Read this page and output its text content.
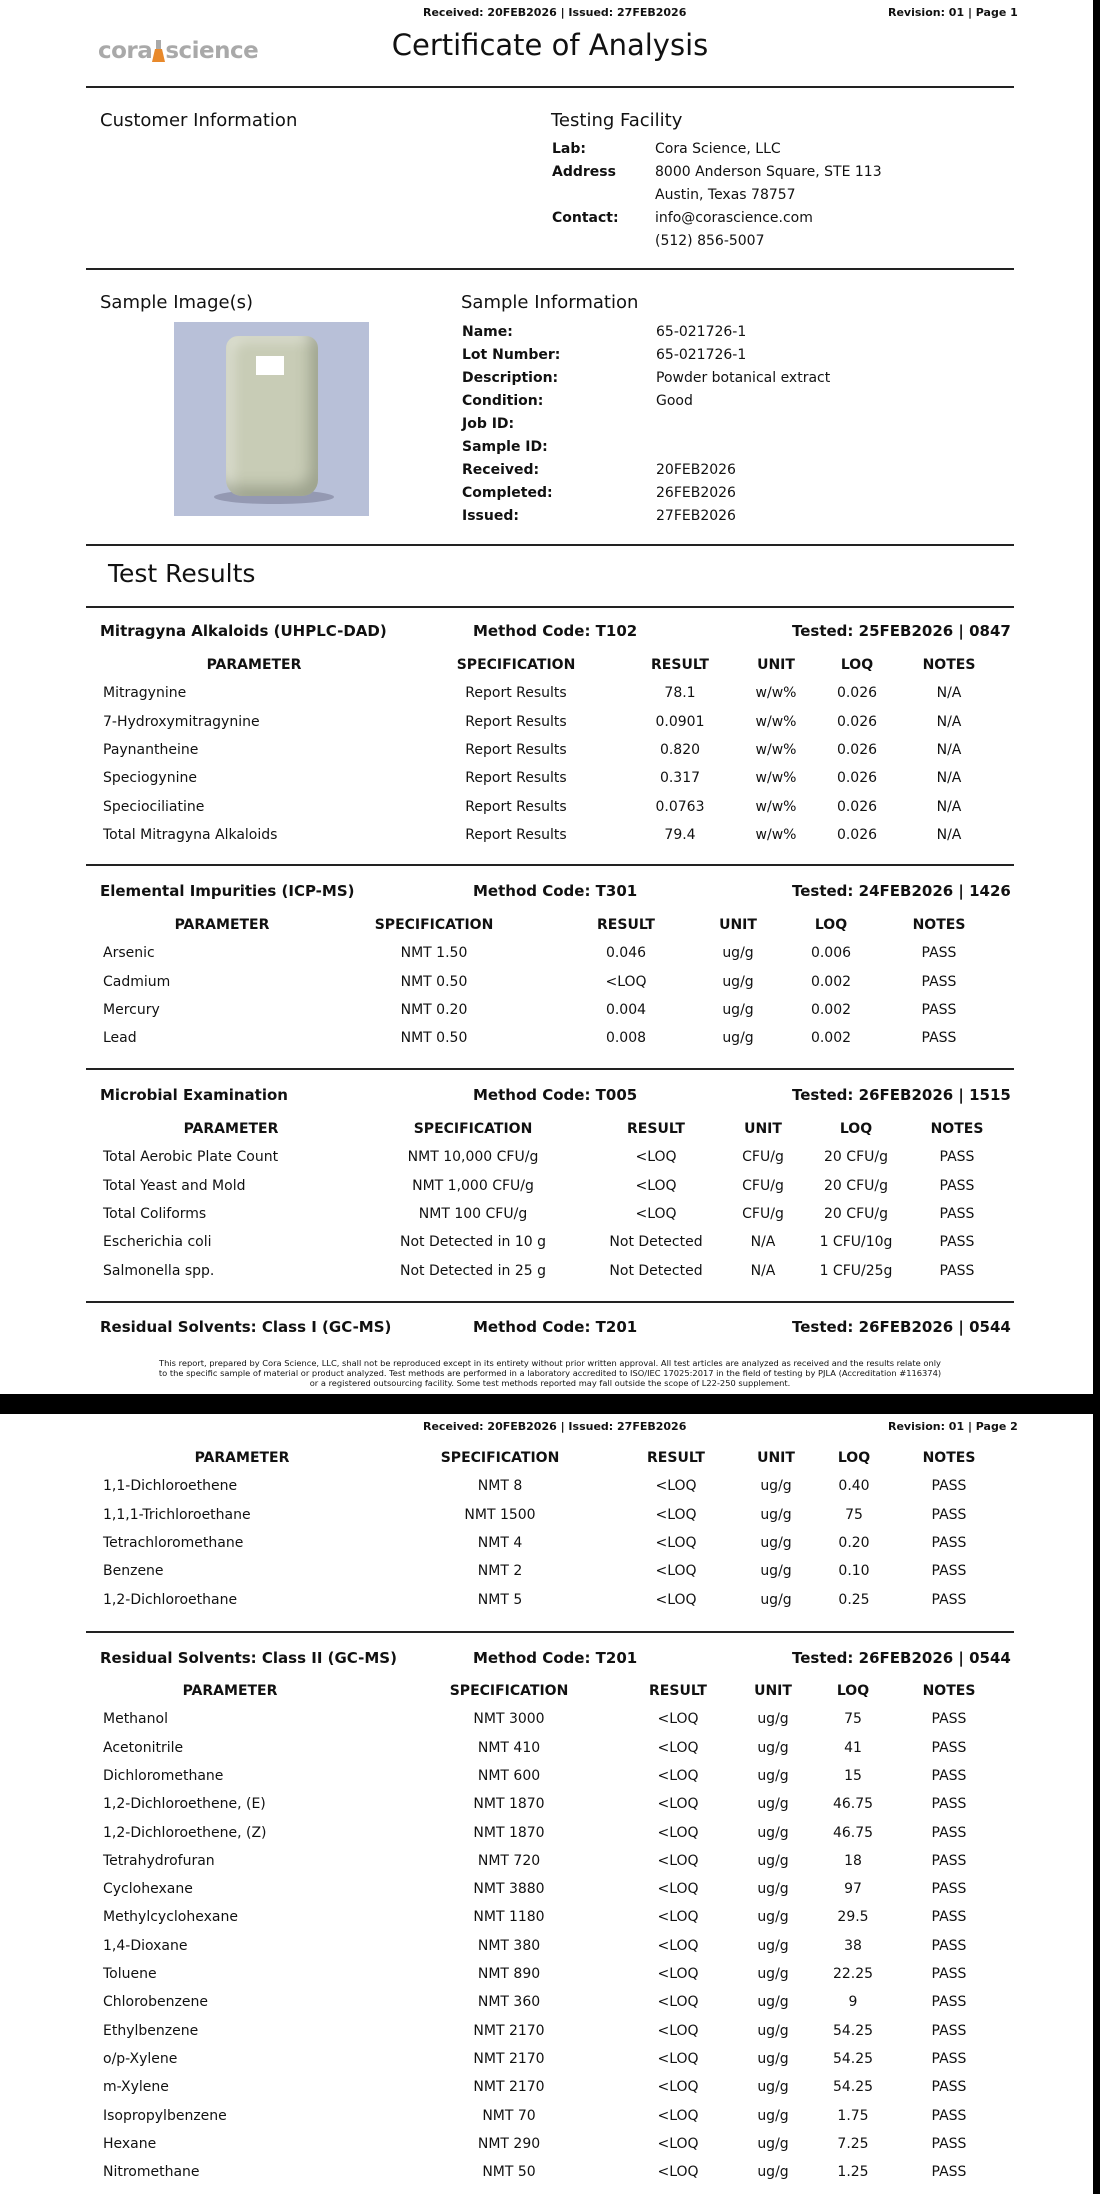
Received: 20FEB2026 | Issued: 27FEB2026	Revision: 01 | Page 1
cora science	Certificate of Analysis
Customer Information	Testing Facility
Lab:	Cora Science, LLC
Address	8000 Anderson Square, STE 113
Austin, Texas 78757
Contact:	info@corascience.com
(512) 856-5007
Sample Image(s)	Sample Information
Name:	65-021726-1
Lot Number:	65-021726-1
Description:	Powder botanical extract
Condition:	Good
Job ID:
Sample ID:
Received:	20FEB2026
Completed:	26FEB2026
Issued:	27FEB2026
Test Results
Mitragyna Alkaloids (UHPLC-DAD)	Method Code: T102	Tested: 25FEB2026 | 0847
PARAMETER	SPECIFICATION	RESULT	UNIT	LOQ	NOTES
Mitragynine	Report Results	78.1	w/w%	0.026	N/A
7-Hydroxymitragynine	Report Results	0.0901	w/w%	0.026	N/A
Paynantheine	Report Results	0.820	w/w%	0.026	N/A
Speciogynine	Report Results	0.317	w/w%	0.026	N/A
Speciociliatine	Report Results	0.0763	w/w%	0.026	N/A
Total Mitragyna Alkaloids	Report Results	79.4	w/w%	0.026	N/A
Elemental Impurities (ICP-MS)	Method Code: T301	Tested: 24FEB2026 | 1426
PARAMETER	SPECIFICATION	RESULT	UNIT	LOQ	NOTES
Arsenic	NMT 1.50	0.046	ug/g	0.006	PASS
Cadmium	NMT 0.50	<LOQ	ug/g	0.002	PASS
Mercury	NMT 0.20	0.004	ug/g	0.002	PASS
Lead	NMT 0.50	0.008	ug/g	0.002	PASS
Microbial Examination	Method Code: T005	Tested: 26FEB2026 | 1515
PARAMETER	SPECIFICATION	RESULT	UNIT	LOQ	NOTES
Total Aerobic Plate Count	NMT 10,000 CFU/g	<LOQ	CFU/g	20 CFU/g	PASS
Total Yeast and Mold	NMT 1,000 CFU/g	<LOQ	CFU/g	20 CFU/g	PASS
Total Coliforms	NMT 100 CFU/g	<LOQ	CFU/g	20 CFU/g	PASS
Escherichia coli	Not Detected in 10 g	Not Detected	N/A	1 CFU/10g	PASS
Salmonella spp.	Not Detected in 25 g	Not Detected	N/A	1 CFU/25g	PASS
Residual Solvents: Class I (GC-MS)	Method Code: T201	Tested: 26FEB2026 | 0544
This report, prepared by Cora Science, LLC, shall not be reproduced except in its entirety without prior written approval. All test articles are analyzed as received and the results relate only
to the specific sample of material or product analyzed. Test methods are performed in a laboratory accredited to ISO/IEC 17025:2017 in the field of testing by PJLA (Accreditation #116374)
or a registered outsourcing facility. Some test methods reported may fall outside the scope of L22-250 supplement.
Received: 20FEB2026 | Issued: 27FEB2026	Revision: 01 | Page 2
PARAMETER	SPECIFICATION	RESULT	UNIT	LOQ	NOTES
1,1-Dichloroethene	NMT 8	<LOQ	ug/g	0.40	PASS
1,1,1-Trichloroethane	NMT 1500	<LOQ	ug/g	75	PASS
Tetrachloromethane	NMT 4	<LOQ	ug/g	0.20	PASS
Benzene	NMT 2	<LOQ	ug/g	0.10	PASS
1,2-Dichloroethane	NMT 5	<LOQ	ug/g	0.25	PASS
Residual Solvents: Class II (GC-MS)	Method Code: T201	Tested: 26FEB2026 | 0544
PARAMETER	SPECIFICATION	RESULT	UNIT	LOQ	NOTES
Methanol	NMT 3000	<LOQ	ug/g	75	PASS
Acetonitrile	NMT 410	<LOQ	ug/g	41	PASS
Dichloromethane	NMT 600	<LOQ	ug/g	15	PASS
1,2-Dichloroethene, (E)	NMT 1870	<LOQ	ug/g	46.75	PASS
1,2-Dichloroethene, (Z)	NMT 1870	<LOQ	ug/g	46.75	PASS
Tetrahydrofuran	NMT 720	<LOQ	ug/g	18	PASS
Cyclohexane	NMT 3880	<LOQ	ug/g	97	PASS
Methylcyclohexane	NMT 1180	<LOQ	ug/g	29.5	PASS
1,4-Dioxane	NMT 380	<LOQ	ug/g	38	PASS
Toluene	NMT 890	<LOQ	ug/g	22.25	PASS
Chlorobenzene	NMT 360	<LOQ	ug/g	9	PASS
Ethylbenzene	NMT 2170	<LOQ	ug/g	54.25	PASS
o/p-Xylene	NMT 2170	<LOQ	ug/g	54.25	PASS
m-Xylene	NMT 2170	<LOQ	ug/g	54.25	PASS
Isopropylbenzene	NMT 70	<LOQ	ug/g	1.75	PASS
Hexane	NMT 290	<LOQ	ug/g	7.25	PASS
Nitromethane	NMT 50	<LOQ	ug/g	1.25	PASS
